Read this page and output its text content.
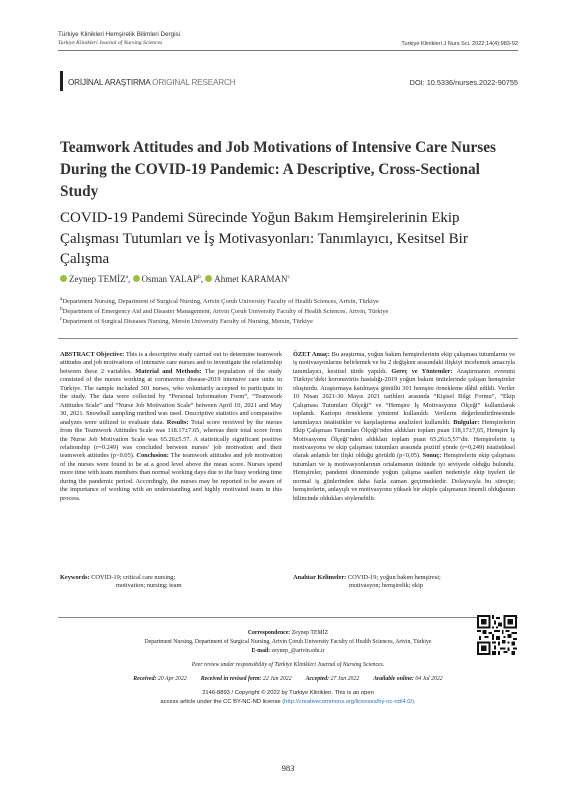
Türkiye Klinikleri Hemşirelik Bilimleri Dergisi
Turkiye Klinikleri Journal of Nursing Sciences	Turkiye Klinikleri J Nurs Sci. 2022;14(4):983-92
ORİJİNAL ARAŞTIRMA ORIGINAL RESEARCH	DOI: 10.5336/nurses.2022-90755
Teamwork Attitudes and Job Motivations of Intensive Care Nurses During the COVID-19 Pandemic: A Descriptive, Cross-Sectional Study
COVID-19 Pandemi Sürecinde Yoğun Bakım Hemşirelerinin Ekip Çalışması Tutumları ve İş Motivasyonları: Tanımlayıcı, Kesitsel Bir Çalışma
Zeynep TEMİZ$^a$, Osman YALAP$^b$, Ahmet KARAMAN$^c$
$^a$Department Nursing, Department of Surgical Nursing, Artvin Çoruh University Faculty of Health Sciences, Artvin, Türkiye
$^b$Department of Emergency Aid and Disaster Management, Artvin Çoruh University Faculty of Health Sciences, Artvin, Türkiye
$^c$Department of Surgical Diseases Nursing, Mersin University Faculty of Nursing, Mersin, Türkiye
ABSTRACT Objective: This is a descriptive study carried out to determine teamwork attitudes and job motivations of intensive care nurses and to investigate the relationship between these 2 variables. Material and Methods: The population of the study consisted of the nurses working at coronavirus disease-2019 intensive care units in Türkiye. The sample included 301 nurses, who voluntarily accepted to participate in the study. The data were collected by “Personal Information Form”, “Teamwork Attitudes Scale” and “Nurse Job Motivation Scale” between April 10, 2021 and May 30, 2021. Snowball sampling method was used. Descriptive statistics and comparative analyzes were utilized to evaluate data. Results: Total score received by the nurses from the Teamwork Attitudes Scale was 118.17±7.65, whereas their total score from the Nurse Job Motivation Scale was 65.26±5.57. A statistically significant positive relationship (r=0.249) was concluded between nurses’ job motivation and their teamwork attitudes (p<0.05). Conclusion: The teamwork attitudes and job motivation of the nurses were found to be at a good level above the mean score. Nurses spend more time with team members than normal working days due to the busy working time during the pandemic period. Accordingly, the nurses may be reported to be aware of the importance of working with an understanding and highly motivated team in this process.
ÖZET Amaç: Bu araştırma, yoğun bakım hemşirelerinin ekip çalışması tutumlarını ve iş motivasyonlarını belirlemek ve bu 2 değişken arasındaki ilişkiyi incelemek amacıyla tanımlayıcı, kesitsel türde yapıldı. Gereç ve Yöntemler: Araştırmanın evrenini Türkiye’deki koronavirüs hastalığı-2019 yoğun bakım ünitelerinde çalışan hemşireler oluşturdu. Araştırmaya katılmaya gönüllü 301 hemşire örnekleme dâhil edildi. Veriler 10 Nisan 2021-30 Mayıs 2021 tarihleri arasında “Kişisel Bilgi Formu”, “Ekip Çalışması Tutumları Ölçeği” ve “Hemşire İş Motivasyonu Ölçeği” kullanılarak toplandı. Kartopu örnekleme yöntemi kullanıldı. Verilerin değerlendirilmesinde tanımlayıcı istatistikler ve karşılaştırma analizleri kullanıldı. Bulgular: Hemşirelerin Ekip Çalışması Tutumları Ölçeği’nden aldıkları toplam puan 118,17±7,65, Hemşire İş Motivasyonu Ölçeği’nden aldıkları toplam puan 65,26±5,57’dir. Hemşirelerin iş motivasyonu ve ekip çalışması tutumları arasında pozitif yönde (r=0,249) istatistiksel olarak anlamlı bir ilişki olduğu görüldü (p<0,05). Sonuç: Hemşirelerin ekip çalışması tutumları ve iş motivasyonlarının ortalamanın üstünde iyi seviyede olduğu bulundu. Hemşireler, pandemi döneminde yoğun çalışma saatleri nedeniyle ekip üyeleri ile normal iş günlerinden daha fazla zaman geçirmektedir. Dolayısıyla bu süreçte; hemşirelerin, anlayışlı ve motivasyonu yüksek bir ekiple çalışmanın önemli olduğunun bilincinde oldukları söylenebilir.
Keywords: COVID-19; critical care nursing;
motivation; nursing; team
Anahtar Kelimeler: COVID-19; yoğun bakım hemşiresi;
motivasyon; hemşirelik; ekip
Correspondence: Zeynep TEMİZ
Department Nursing, Department of Surgical Nursing, Artvin Çoruh University Faculty of Health Sciences, Artvin, Türkiye
E-mail: zeynep_@artvin.edu.tr
Peer review under responsibility of Türkiye Klinikleri Journal of Nursing Sciences.
Received: 20 Apr 2022 Received in revised form: 22 Jun 2022 Accepted: 27 Jun 2022 Available online: 04 Jul 2022
2146-8893 / Copyright © 2022 by Türkiye Klinikleri. This is an open
access article under the CC BY-NC-ND license (http://creativecommons.org/licenses/by-nc-nd/4.0/).
983
